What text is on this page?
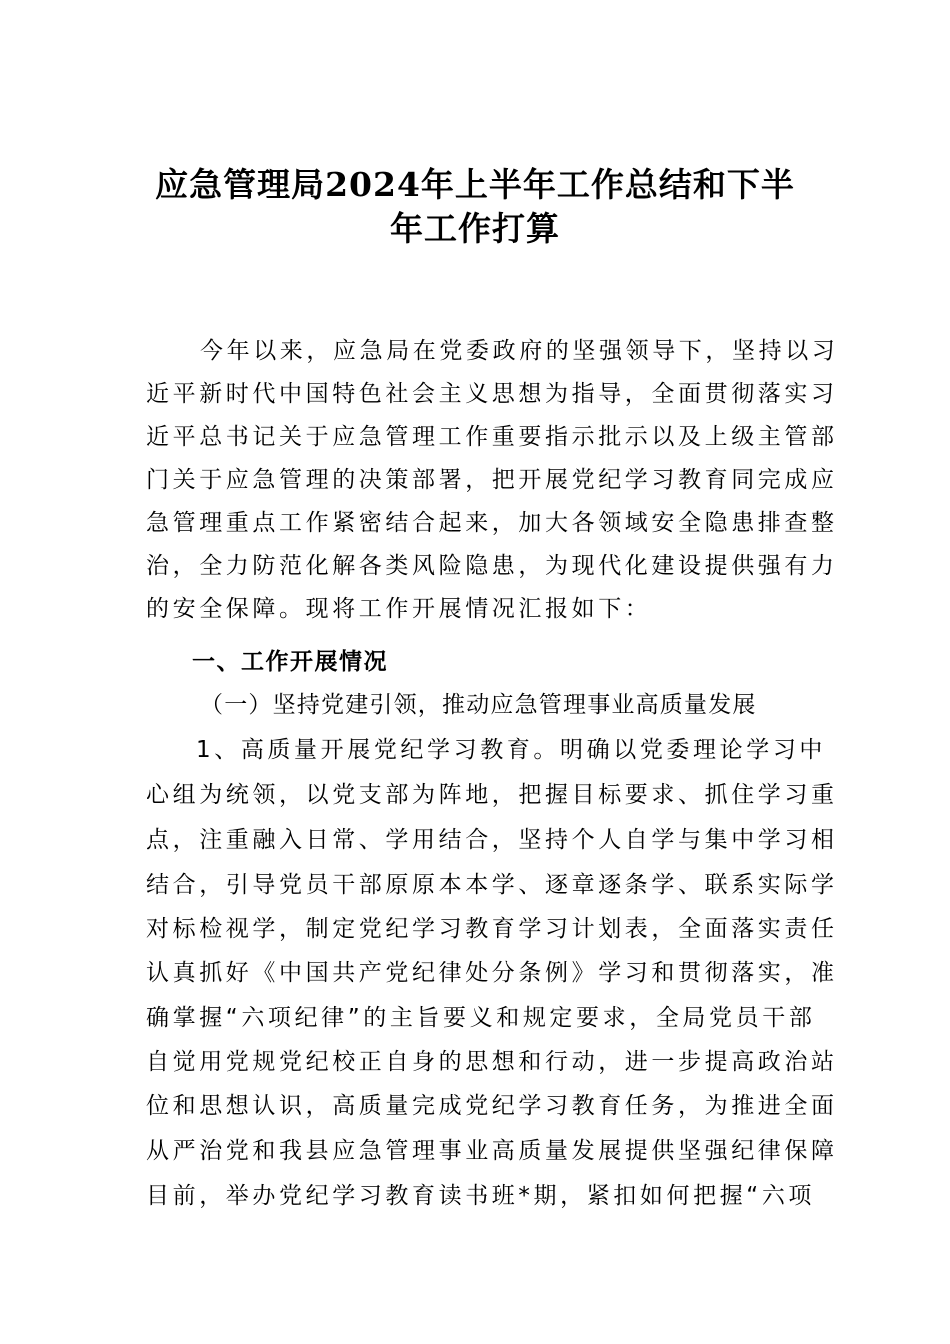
应急管理局2024年上半年工作总结和下半
年工作打算
今年以来，应急局在党委政府的坚强领导下，坚持以习
近平新时代中国特色社会主义思想为指导，全面贯彻落实习
近平总书记关于应急管理工作重要指示批示以及上级主管部
门关于应急管理的决策部署，把开展党纪学习教育同完成应
急管理重点工作紧密结合起来，加大各领域安全隐患排查整
治，全力防范化解各类风险隐患，为现代化建设提供强有力
的安全保障。现将工作开展情况汇报如下：
一、工作开展情况
（一）坚持党建引领，推动应急管理事业高质量发展
1、高质量开展党纪学习教育。明确以党委理论学习中
心组为统领，以党支部为阵地，把握目标要求、抓住学习重
点，注重融入日常、学用结合，坚持个人自学与集中学习相
结合，引导党员干部原原本本学、逐章逐条学、联系实际学
对标检视学，制定党纪学习教育学习计划表，全面落实责任
认真抓好《中国共产党纪律处分条例》学习和贯彻落实，准
确掌握“六项纪律”的主旨要义和规定要求，全局党员干部
自觉用党规党纪校正自身的思想和行动，进一步提高政治站
位和思想认识，高质量完成党纪学习教育任务，为推进全面
从严治党和我县应急管理事业高质量发展提供坚强纪律保障
目前，举办党纪学习教育读书班*期，紧扣如何把握“六项
